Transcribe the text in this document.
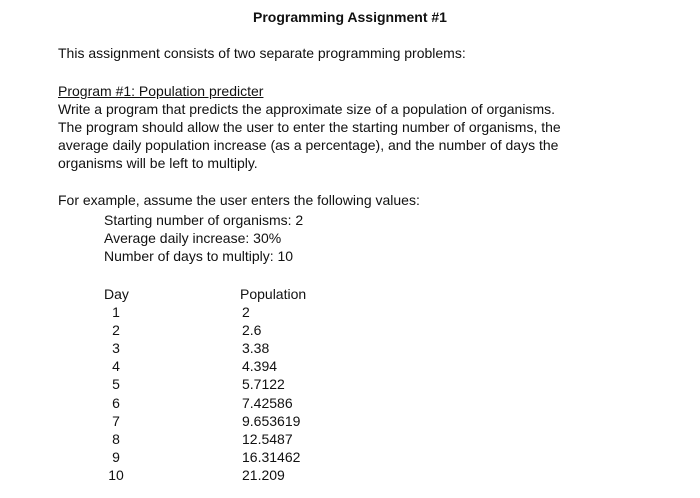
Programming Assignment #1
This assignment consists of two separate programming problems:
Program #1: Population predicter
Write a program that predicts the approximate size of a population of organisms.
The program should allow the user to enter the starting number of organisms, the
average daily population increase (as a percentage), and the number of days the
organisms will be left to multiply.
For example, assume the user enters the following values:
Starting number of organisms: 2
Average daily increase: 30%
Number of days to multiply: 10
Day	Population
1	2
2	2.6
3	3.38
4	4.394
5	5.7122
6	7.42586
7	9.653619
8	12.5487
9	16.31462
10	21.209
